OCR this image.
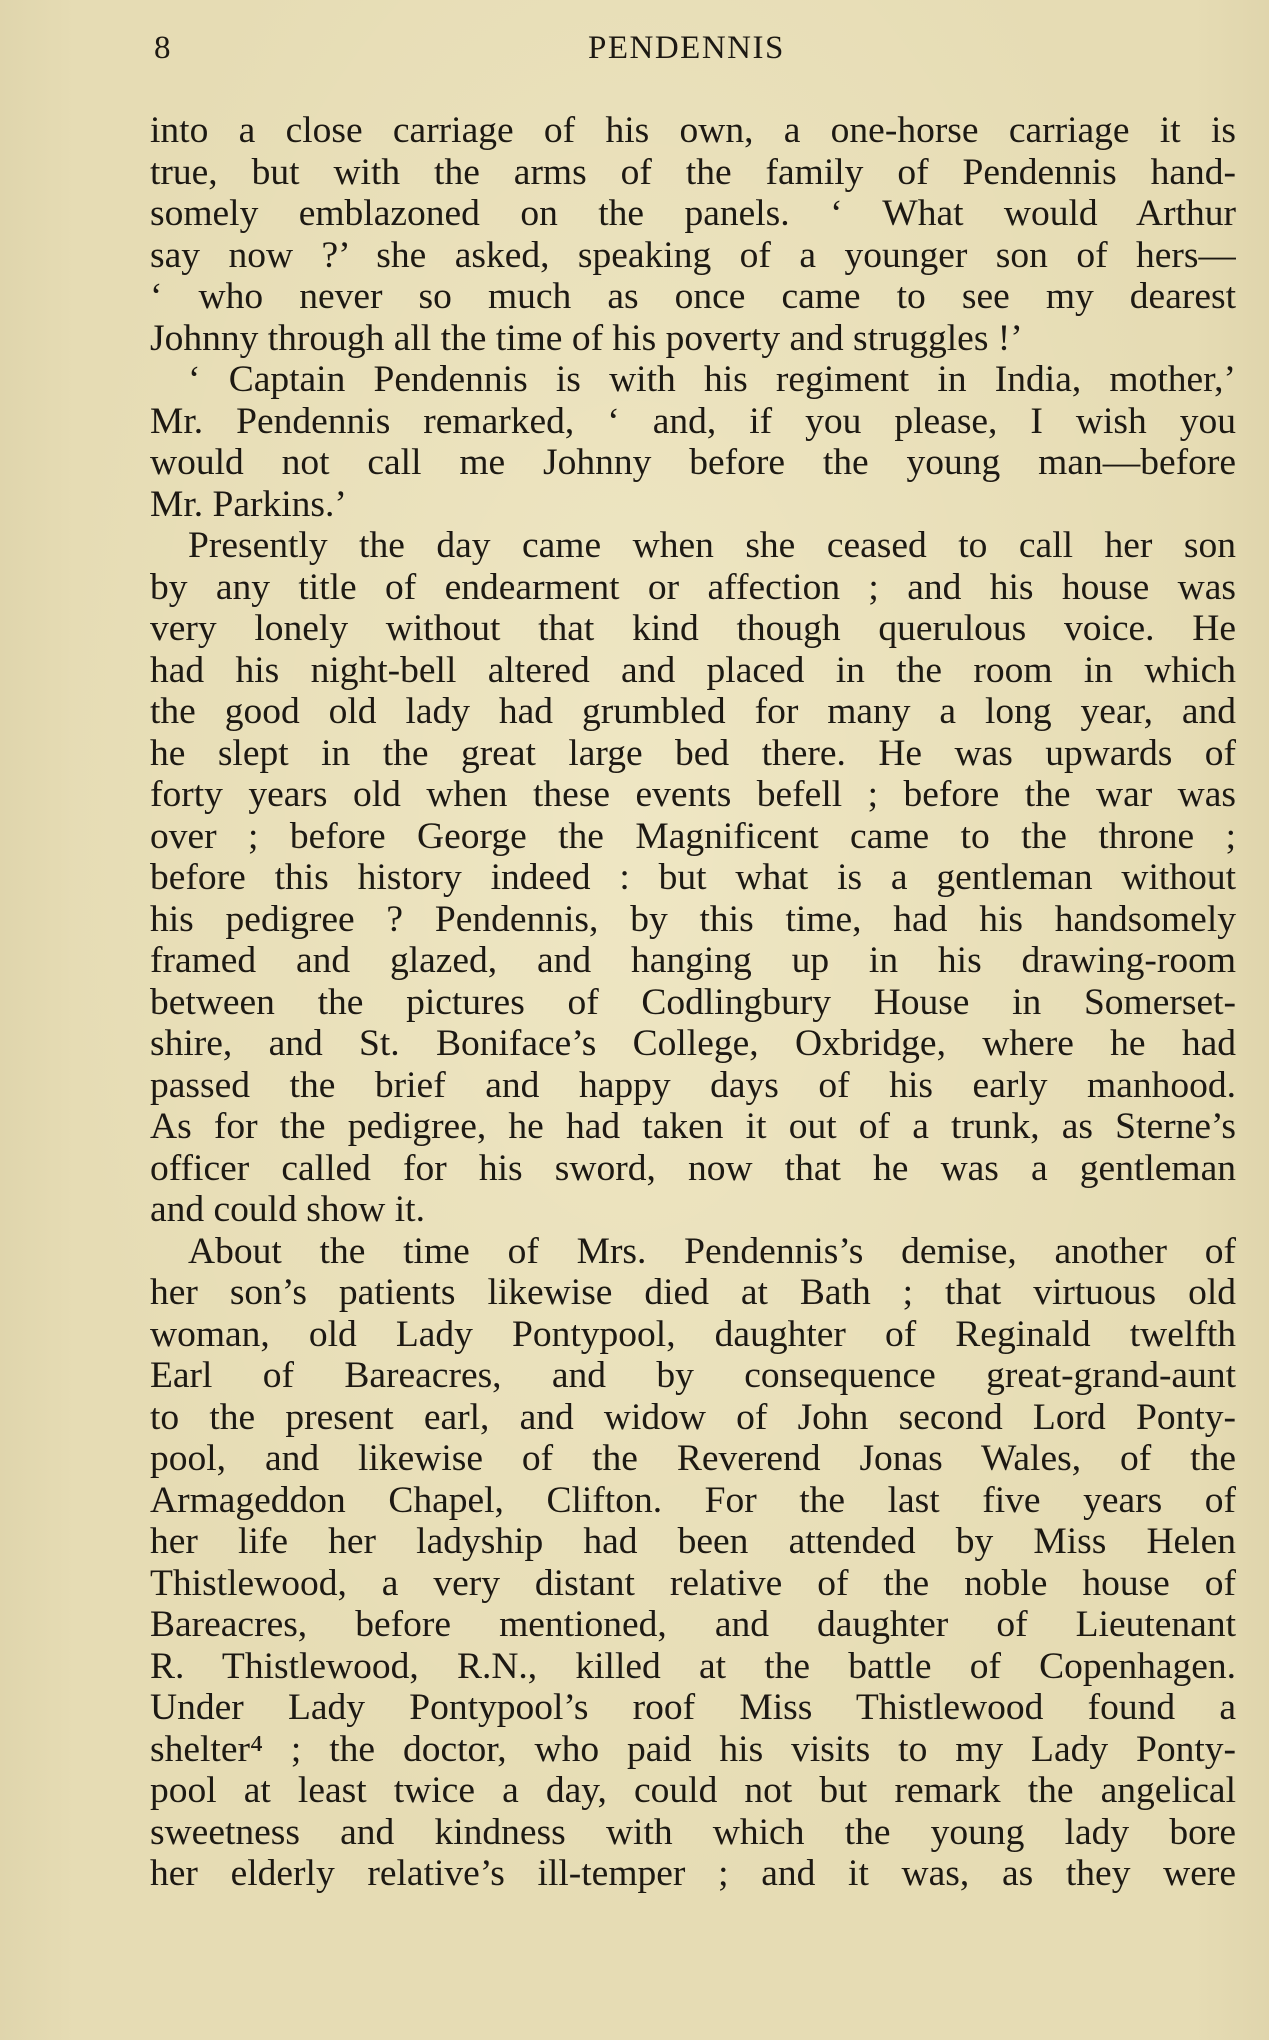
8	PENDENNIS
into a close carriage of his own, a one-horse carriage it is
true, but with the arms of the family of Pendennis hand-
somely emblazoned on the panels. ‘ What would Arthur
say now ?’ she asked, speaking of a younger son of hers—
‘ who never so much as once came to see my dearest
Johnny through all the time of his poverty and struggles !’
‘ Captain Pendennis is with his regiment in India, mother,’
Mr. Pendennis remarked, ‘ and, if you please, I wish you
would not call me Johnny before the young man—before
Mr. Parkins.’
Presently the day came when she ceased to call her son
by any title of endearment or affection ; and his house was
very lonely without that kind though querulous voice. He
had his night-bell altered and placed in the room in which
the good old lady had grumbled for many a long year, and
he slept in the great large bed there. He was upwards of
forty years old when these events befell ; before the war was
over ; before George the Magnificent came to the throne ;
before this history indeed : but what is a gentleman without
his pedigree ? Pendennis, by this time, had his handsomely
framed and glazed, and hanging up in his drawing-room
between the pictures of Codlingbury House in Somerset-
shire, and St. Boniface’s College, Oxbridge, where he had
passed the brief and happy days of his early manhood.
As for the pedigree, he had taken it out of a trunk, as Sterne’s
officer called for his sword, now that he was a gentleman
and could show it.
About the time of Mrs. Pendennis’s demise, another of
her son’s patients likewise died at Bath ; that virtuous old
woman, old Lady Pontypool, daughter of Reginald twelfth
Earl of Bareacres, and by consequence great-grand-aunt
to the present earl, and widow of John second Lord Ponty-
pool, and likewise of the Reverend Jonas Wales, of the
Armageddon Chapel, Clifton. For the last five years of
her life her ladyship had been attended by Miss Helen
Thistlewood, a very distant relative of the noble house of
Bareacres, before mentioned, and daughter of Lieutenant
R. Thistlewood, R.N., killed at the battle of Copenhagen.
Under Lady Pontypool’s roof Miss Thistlewood found a
shelter⁴ ; the doctor, who paid his visits to my Lady Ponty-
pool at least twice a day, could not but remark the angelical
sweetness and kindness with which the young lady bore
her elderly relative’s ill-temper ; and it was, as they were
